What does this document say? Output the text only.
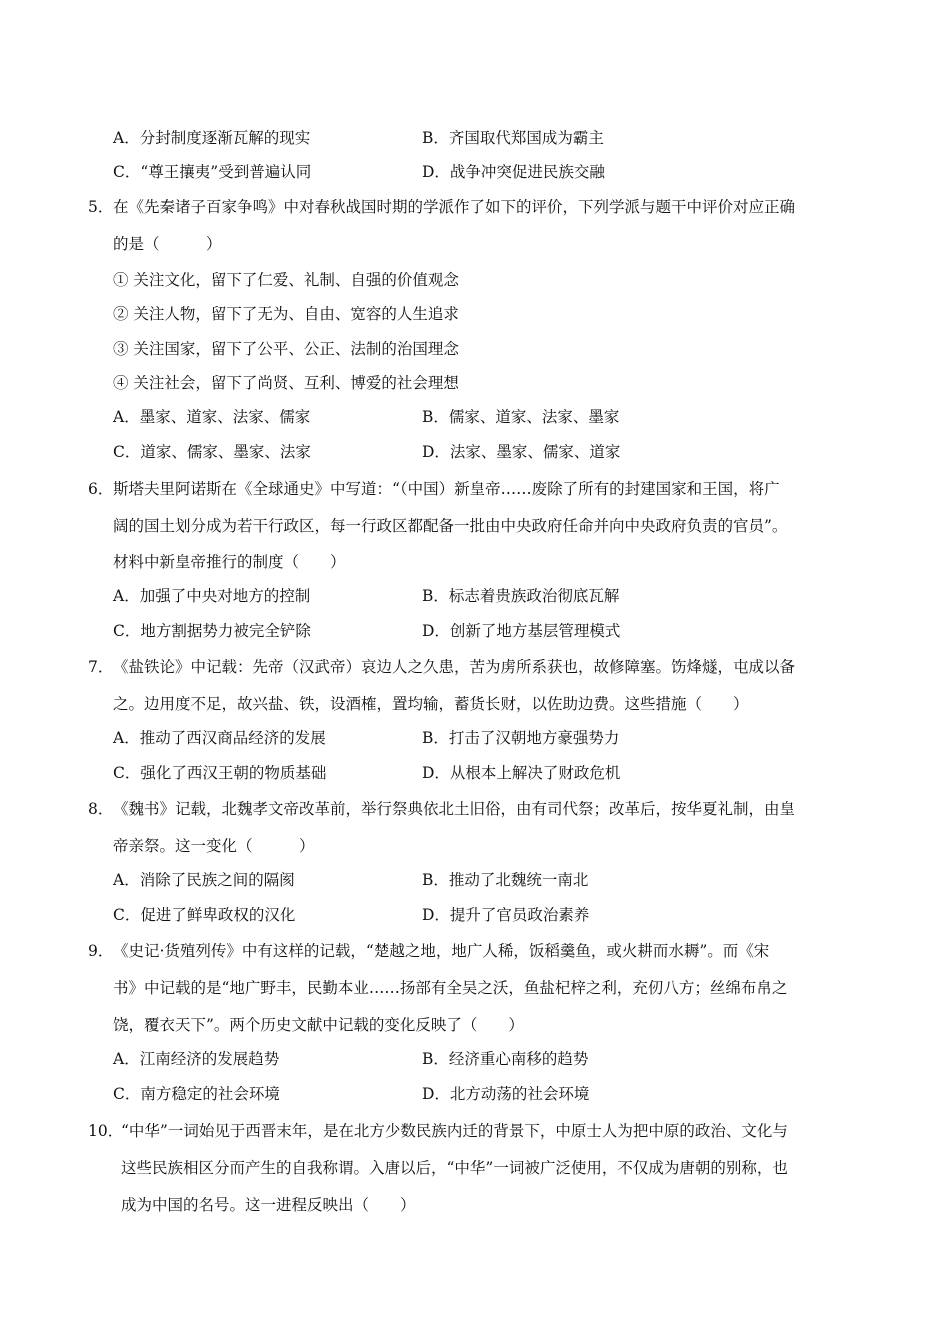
A．分封制度逐渐瓦解的现实	B．齐国取代郑国成为霸主
C．“尊王攘夷”受到普遍认同	D．战争冲突促进民族交融
5． 在《先秦诸子百家争鸣》中对春秋战国时期的学派作了如下的评价，下列学派与题干中评价对应正确
的是（　　　）
① 关注文化，留下了仁爱、礼制、自强的价值观念
② 关注人物，留下了无为、自由、宽容的人生追求
③ 关注国家，留下了公平、公正、法制的治国理念
④ 关注社会，留下了尚贤、互利、博爱的社会理想
A．墨家、道家、法家、儒家	B．儒家、道家、法家、墨家
C．道家、儒家、墨家、法家	D．法家、墨家、儒家、道家
6． 斯塔夫里阿诺斯在《全球通史》中写道：“（中国）新皇帝……废除了所有的封建国家和王国，将广
阔的国土划分成为若干行政区，每一行政区都配备一批由中央政府任命并向中央政府负责的官员”。
材料中新皇帝推行的制度（　　）
A．加强了中央对地方的控制	B．标志着贵族政治彻底瓦解
C．地方割据势力被完全铲除	D．创新了地方基层管理模式
7． 《盐铁论》中记载：先帝（汉武帝）哀边人之久患，苦为虏所系获也，故修障塞。饬烽燧，屯成以备
之。边用度不足，故兴盐、铁，设酒榷，置均输，蓄货长财，以佐助边费。这些措施（　　）
A．推动了西汉商品经济的发展	B．打击了汉朝地方豪强势力
C．强化了西汉王朝的物质基础	D．从根本上解决了财政危机
8． 《魏书》记载，北魏孝文帝改革前，举行祭典依北土旧俗，由有司代祭；改革后，按华夏礼制，由皇
帝亲祭。这一变化（　　　）
A．消除了民族之间的隔阂	B．推动了北魏统一南北
C．促进了鲜卑政权的汉化	D．提升了官员政治素养
9． 《史记·货殖列传》中有这样的记载，“楚越之地，地广人稀，饭稻羹鱼，或火耕而水耨”。而《宋
书》中记载的是“地广野丰，民勤本业……扬部有全吴之沃，鱼盐杞梓之利，充仞八方；丝绵布帛之
饶，覆衣天下”。两个历史文献中记载的变化反映了（　　）
A．江南经济的发展趋势	B．经济重心南移的趋势
C．南方稳定的社会环境	D．北方动荡的社会环境
10．
“中华”一词始见于西晋末年，是在北方少数民族内迁的背景下，中原士人为把中原的政治、文化与
这些民族相区分而产生的自我称谓。入唐以后，“中华”一词被广泛使用，不仅成为唐朝的别称，也
成为中国的名号。这一进程反映出（　　）
